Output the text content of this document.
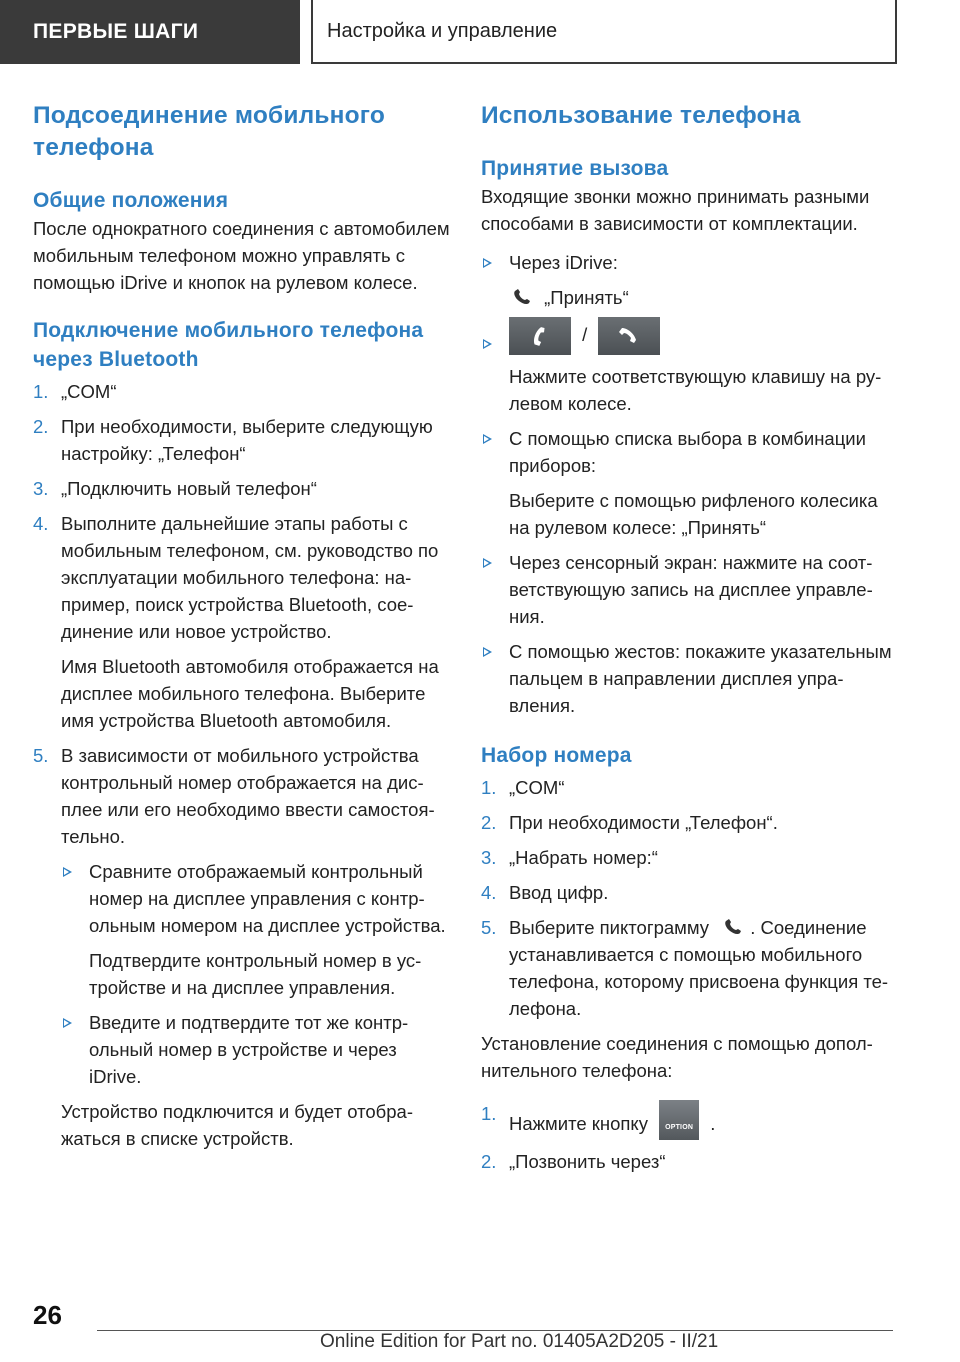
ПЕРВЫЕ ШАГИ	Настройка и управление
Подсоединение мобильного телефона
Общие положения

После однократного соединения с автомобилем мобильным телефоном можно управлять с помощью iDrive и кнопок на рулевом колесе.

Подключение мобильного телефона через Bluetooth
1. „COM“
2. При необходимости, выберите следующую настройку: „Телефон“
3. „Подключить новый телефон“
4. Выполните дальнейшие этапы работы с мобильным телефоном, см. руководство по эксплуатации мобильного телефона: например, поиск устройства Bluetooth, соединение или новое устройство.

Имя Bluetooth автомобиля отображается на дисплее мобильного телефона. Выберите имя устройства Bluetooth автомобиля.

5. В зависимости от мобильного устройства контрольный номер отображается на дисплее или его необходимо ввести самостоятельно.

Сравните отображаемый контрольный номер на дисплее управления с контрольным номером на дисплее устройства.

Подтвердите контрольный номер в устройстве и на дисплее управления.

Введите и подтвердите тот же контрольный номер в устройстве и через iDrive.

Устройство подключится и будет отображаться в списке устройств.

Использование телефона
Принятие вызова

Входящие звонки можно принимать разными способами в зависимости от комплектации.

Через iDrive:

„Принять“

/

Нажмите соответствующую клавишу на рулевом колесе.

С помощью списка выбора в комбинации приборов:

Выберите с помощью рифленого колесика на рулевом колесе: „Принять“

Через сенсорный экран: нажмите на соответствующую запись на дисплее управления.

С помощью жестов: покажите указательным пальцем в направлении дисплея управления.

Набор номера
1. „COM“
2. При необходимости „Телефон“.
3. „Набрать номер:“
4. Ввод цифр.
5. Выберите пиктограмму . Соединение устанавливается с помощью мобильного телефона, которому присвоена функция телефона.

Установление соединения с помощью дополнительного телефона:

1. Нажмите кнопку	OPTION .
2. „Позвонить через“
26
Online Edition for Part no. 01405A2D205 - II/21
